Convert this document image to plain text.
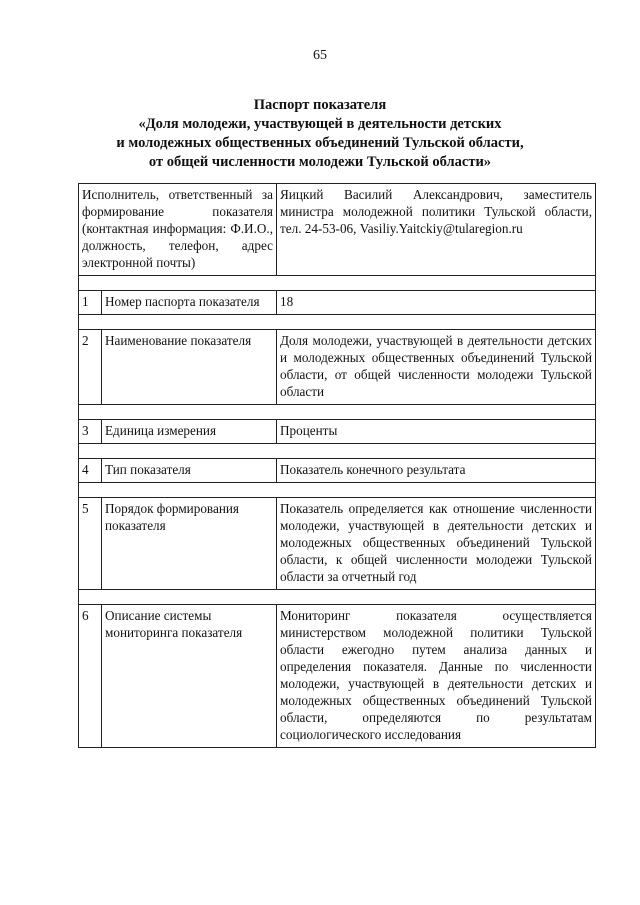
65
Паспорт показателя
«Доля молодежи, участвующей в деятельности детских
и молодежных общественных объединений Тульской области,
от общей численности молодежи Тульской области»
Исполнитель, ответственный за формирование показателя (контактная информация: Ф.И.О., должность, телефон, адрес электронной почты)		Яицкий Василий Александрович, заместитель министра молодежной политики Тульской области, тел. 24-53-06, Vasiliy.Yaitckiy@tularegion.ru

1	Номер паспорта показателя	18

2	Наименование показателя	Доля молодежи, участвующей в деятельности детских и молодежных общественных объединений Тульской области, от общей численности молодежи Тульской области

3	Единица измерения	Проценты

4	Тип показателя	Показатель конечного результата

5	Порядок формирования показателя	Показатель определяется как отношение численности молодежи, участвующей в деятельности детских и молодежных общественных объединений Тульской области, к общей численности молодежи Тульской области за отчетный год

6	Описание системы мониторинга показателя	Мониторинг показателя осуществляется министерством молодежной политики Тульской области ежегодно путем анализа данных и определения показателя. Данные по численности молодежи, участвующей в деятельности детских и молодежных общественных объединений Тульской области, определяются по результатам социологического исследования
